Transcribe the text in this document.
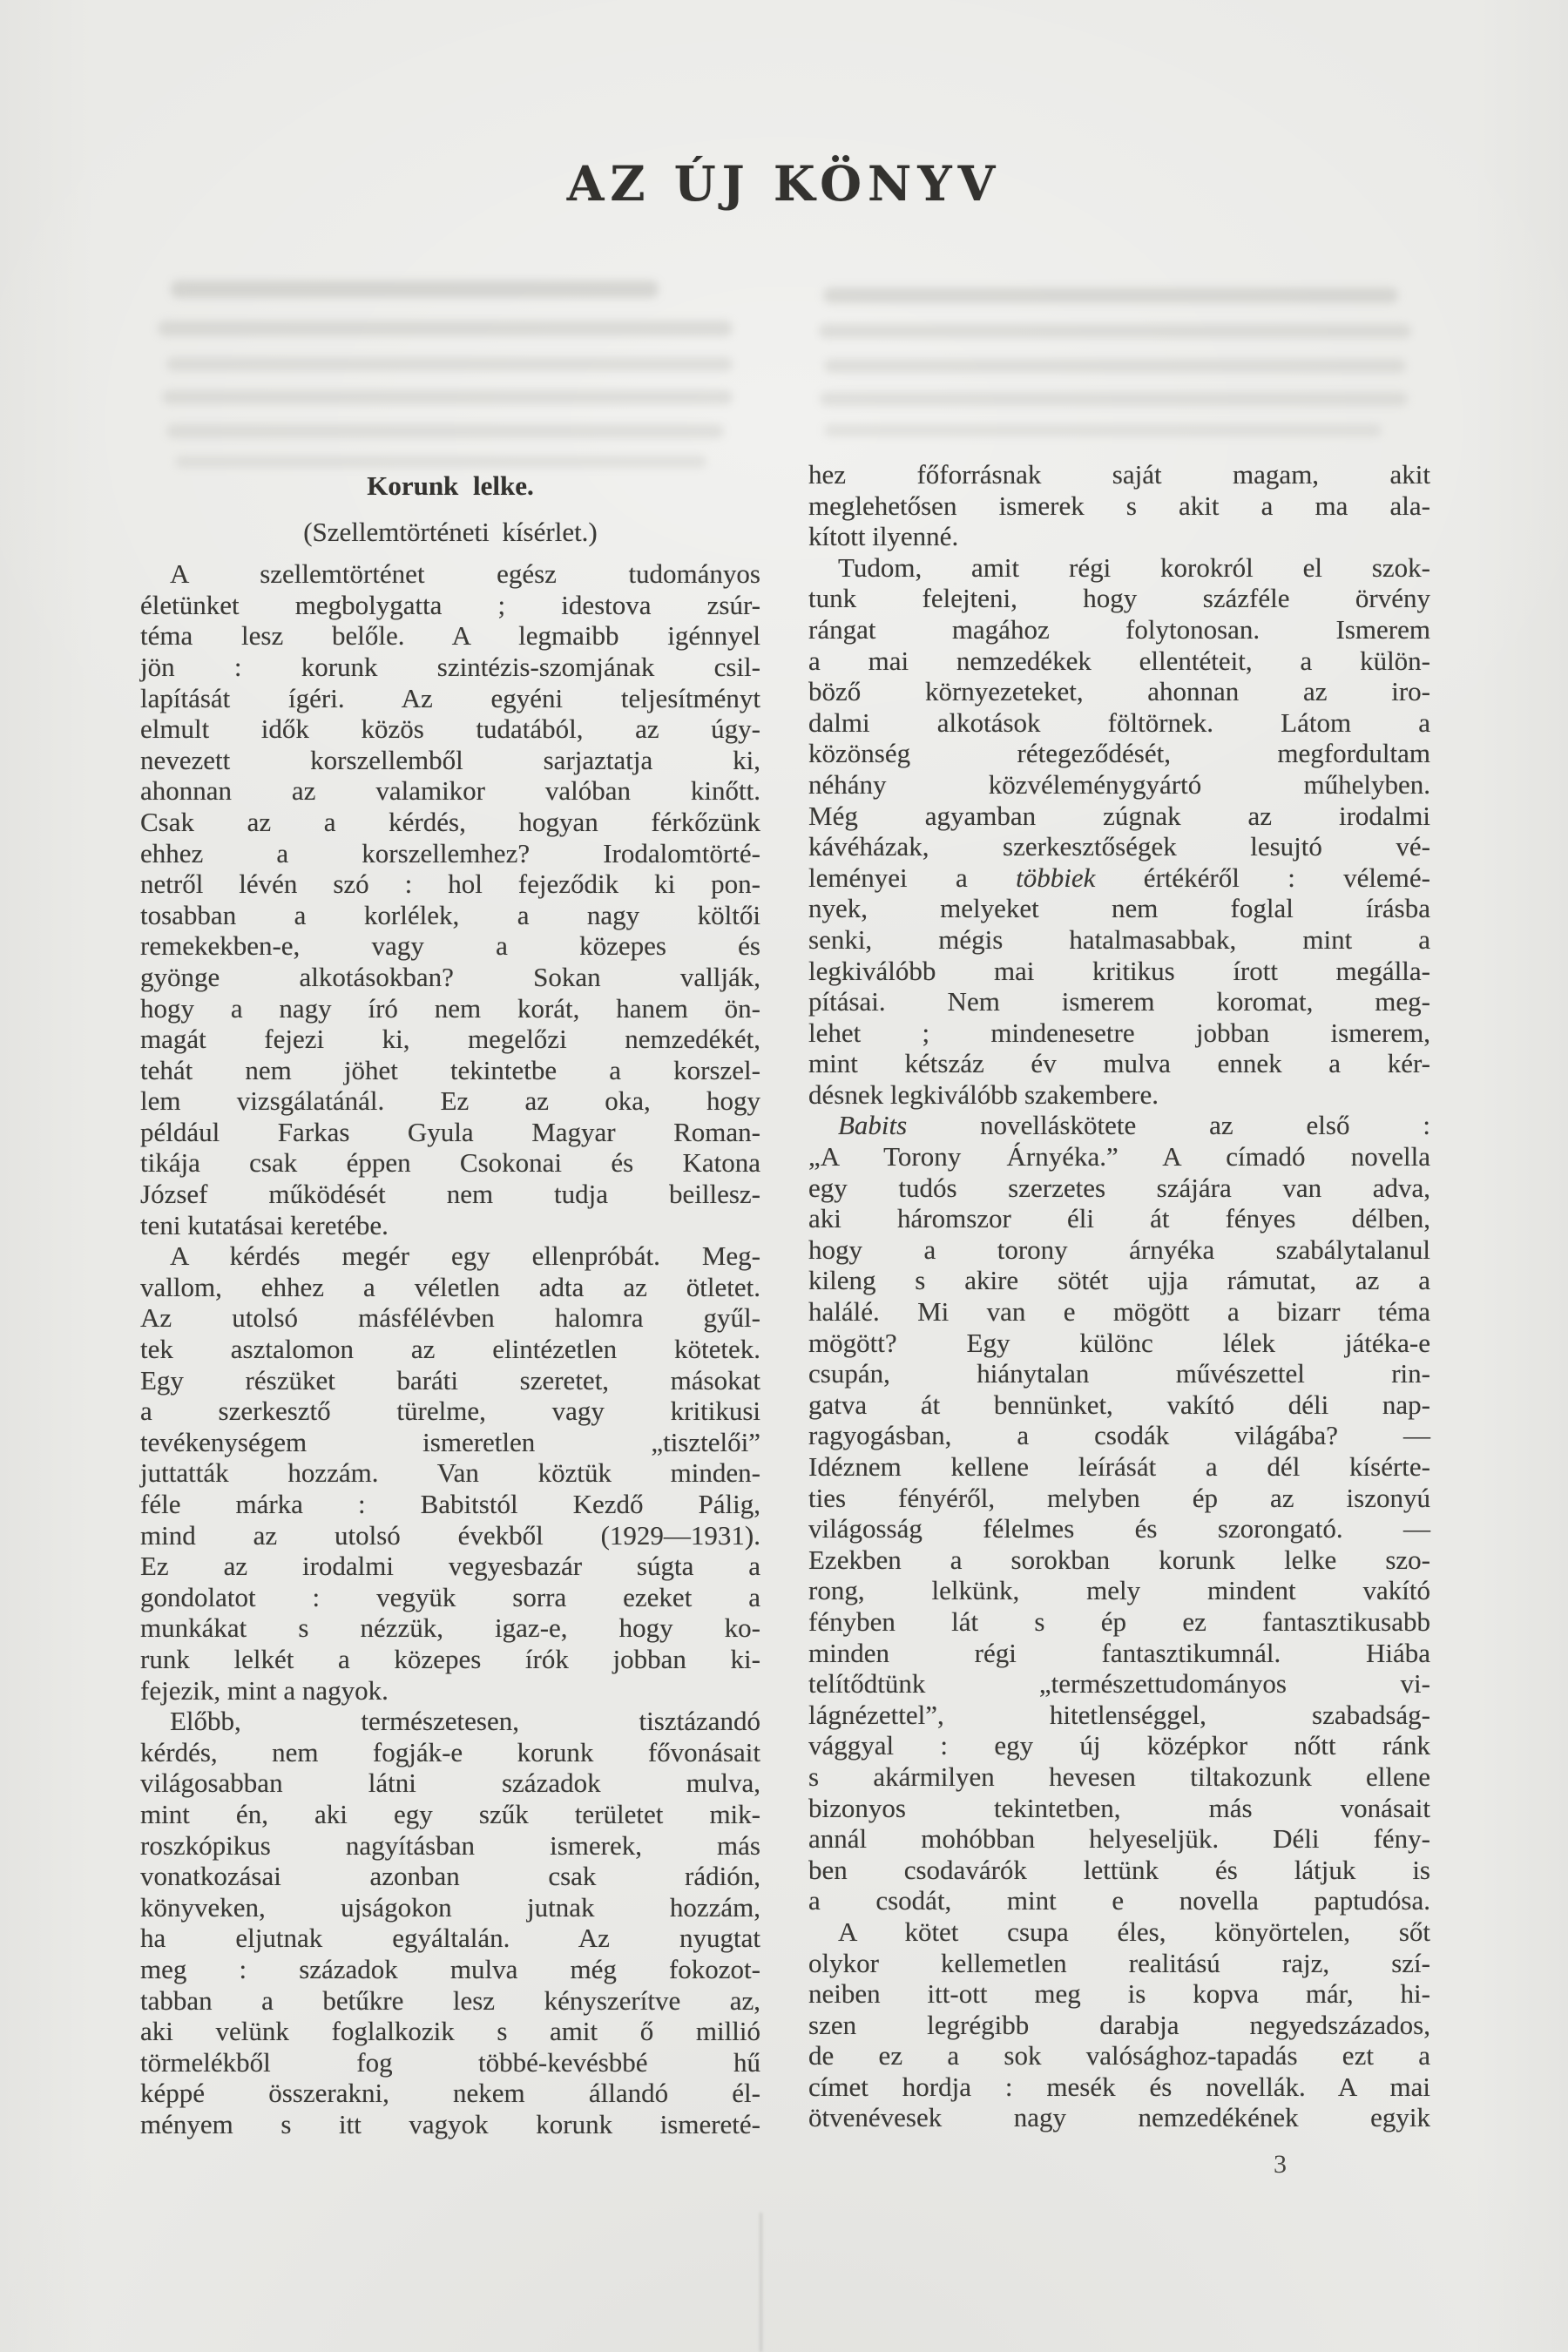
AZ ÚJ KÖNYV
Korunk lelke.
(Szellemtörténeti kísérlet.)
A szellemtörténet egész tudományos
életünket megbolygatta ; idestova zsúr-
téma lesz belőle. A legmaibb igénnyel
jön : korunk szintézis-szomjának csil-
lapítását ígéri. Az egyéni teljesítményt
elmult idők közös tudatából, az úgy-
nevezett korszellemből sarjaztatja ki,
ahonnan az valamikor valóban kinőtt.
Csak az a kérdés, hogyan férkőzünk
ehhez a korszellemhez? Irodalomtörté-
netről lévén szó : hol fejeződik ki pon-
tosabban a korlélek, a nagy költői
remekekben-e, vagy a közepes és
gyönge alkotásokban? Sokan vallják,
hogy a nagy író nem korát, hanem ön-
magát fejezi ki, megelőzi nemzedékét,
tehát nem jöhet tekintetbe a korszel-
lem vizsgálatánál. Ez az oka, hogy
például Farkas Gyula Magyar Roman-
tikája csak éppen Csokonai és Katona
József működését nem tudja beillesz-
teni kutatásai keretébe.
A kérdés megér egy ellenpróbát. Meg-
vallom, ehhez a véletlen adta az ötletet.
Az utolsó másfélévben halomra gyűl-
tek asztalomon az elintézetlen kötetek.
Egy részüket baráti szeretet, másokat
a szerkesztő türelme, vagy kritikusi
tevékenységem ismeretlen „tisztelői”
juttatták hozzám. Van köztük minden-
féle márka : Babitstól Kezdő Pálig,
mind az utolsó évekből (1929—1931).
Ez az irodalmi vegyesbazár súgta a
gondolatot : vegyük sorra ezeket a
munkákat s nézzük, igaz-e, hogy ko-
runk lelkét a közepes írók jobban ki-
fejezik, mint a nagyok.
Előbb, természetesen, tisztázandó
kérdés, nem fogják-e korunk fővonásait
világosabban látni századok mulva,
mint én, aki egy szűk területet mik-
roszkópikus nagyításban ismerek, más
vonatkozásai azonban csak rádión,
könyveken, ujságokon jutnak hozzám,
ha eljutnak egyáltalán. Az nyugtat
meg : századok mulva még fokozot-
tabban a betűkre lesz kényszerítve az,
aki velünk foglalkozik s amit ő millió
törmelékből fog többé-kevésbbé hű
képpé összerakni, nekem állandó él-
ményem s itt vagyok korunk ismereté-
hez főforrásnak saját magam, akit
meglehetősen ismerek s akit a ma ala-
kított ilyenné.
Tudom, amit régi korokról el szok-
tunk felejteni, hogy százféle örvény
rángat magához folytonosan. Ismerem
a mai nemzedékek ellentéteit, a külön-
böző környezeteket, ahonnan az iro-
dalmi alkotások föltörnek. Látom a
közönség rétegeződését, megfordultam
néhány közvéleménygyártó műhelyben.
Még agyamban zúgnak az irodalmi
kávéházak, szerkesztőségek lesujtó vé-
leményei a többiek értékéről : vélemé-
nyek, melyeket nem foglal írásba
senki, mégis hatalmasabbak, mint a
legkiválóbb mai kritikus írott megálla-
pításai. Nem ismerem koromat, meg-
lehet ; mindenesetre jobban ismerem,
mint kétszáz év mulva ennek a kér-
désnek legkiválóbb szakembere.
Babits novelláskötete az első :
„A Torony Árnyéka.” A címadó novella
egy tudós szerzetes szájára van adva,
aki háromszor éli át fényes délben,
hogy a torony árnyéka szabálytalanul
kileng s akire sötét ujja rámutat, az a
halálé. Mi van e mögött a bizarr téma
mögött? Egy különc lélek játéka-e
csupán, hiánytalan művészettel rin-
gatva át bennünket, vakító déli nap-
ragyogásban, a csodák világába? —
Idéznem kellene leírását a dél kísérte-
ties fényéről, melyben ép az iszonyú
világosság félelmes és szorongató. —
Ezekben a sorokban korunk lelke szo-
rong, lelkünk, mely mindent vakító
fényben lát s ép ez fantasztikusabb
minden régi fantasztikumnál. Hiába
telítődtünk „természettudományos vi-
lágnézettel”, hitetlenséggel, szabadság-
vággyal : egy új középkor nőtt ránk
s akármilyen hevesen tiltakozunk ellene
bizonyos tekintetben, más vonásait
annál mohóbban helyeseljük. Déli fény-
ben csodavárók lettünk és látjuk is
a csodát, mint e novella paptudósa.
A kötet csupa éles, könyörtelen, sőt
olykor kellemetlen realitású rajz, szí-
neiben itt-ott meg is kopva már, hi-
szen legrégibb darabja negyedszázados,
de ez a sok valósághoz-tapadás ezt a
címet hordja : mesék és novellák. A mai
ötvenévesek nagy nemzedékének egyik
3
